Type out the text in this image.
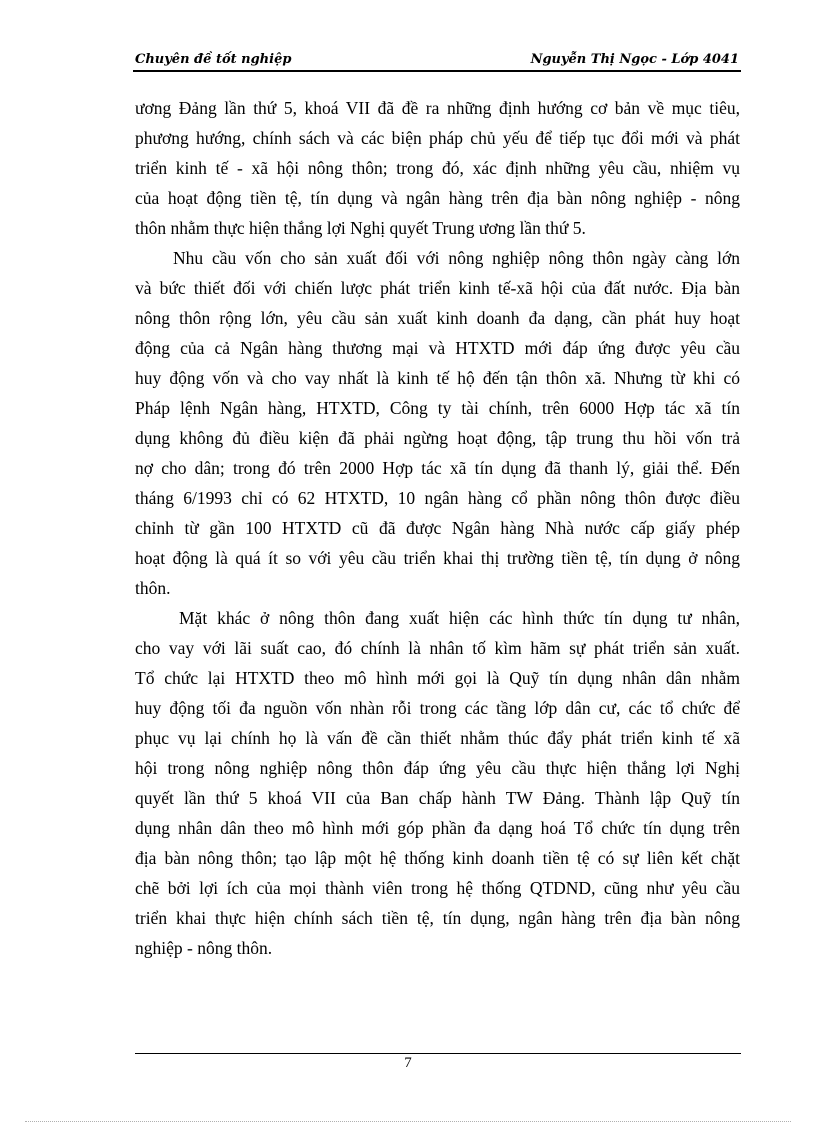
Chuyên đề tốt nghiệp	Nguyễn Thị Ngọc - Lớp 4041
ương Đảng lần thứ 5, khoá VII đã đề ra những định hướng cơ bản về mục tiêu,
phương hướng, chính sách và các biện pháp chủ yếu để tiếp tục đổi mới và phát
triển kinh tế - xã hội nông thôn; trong đó, xác định những yêu cầu, nhiệm vụ
của hoạt động tiền tệ, tín dụng và ngân hàng trên địa bàn nông nghiệp - nông
thôn nhằm thực hiện thắng lợi Nghị quyết Trung ương lần thứ 5.
Nhu cầu vốn cho sản xuất đối với nông nghiệp nông thôn ngày càng lớn
và bức thiết đối với chiến lược phát triển kinh tế-xã hội của đất nước. Địa bàn
nông thôn rộng lớn, yêu cầu sản xuất kinh doanh đa dạng, cần phát huy hoạt
động của cả Ngân hàng thương mại và HTXTD mới đáp ứng được yêu cầu
huy động vốn và cho vay nhất là kinh tế hộ đến tận thôn xã. Nhưng từ khi có
Pháp lệnh Ngân hàng, HTXTD, Công ty tài chính, trên 6000 Hợp tác xã tín
dụng không đủ điều kiện đã phải ngừng hoạt động, tập trung thu hồi vốn trả
nợ cho dân; trong đó trên 2000 Hợp tác xã tín dụng đã thanh lý, giải thể. Đến
tháng 6/1993 chỉ có 62 HTXTD, 10 ngân hàng cổ phần nông thôn được điều
chỉnh từ gần 100 HTXTD cũ đã được Ngân hàng Nhà nước cấp giấy phép
hoạt động là quá ít so với yêu cầu triển khai thị trường tiền tệ, tín dụng ở nông
thôn.
Mặt khác ở nông thôn đang xuất hiện các hình thức tín dụng tư nhân,
cho vay với lãi suất cao, đó chính là nhân tố kìm hãm sự phát triển sản xuất.
Tổ chức lại HTXTD theo mô hình mới gọi là Quỹ tín dụng nhân dân nhằm
huy động tối đa nguồn vốn nhàn rỗi trong các tầng lớp dân cư, các tổ chức để
phục vụ lại chính họ là vấn đề cần thiết nhằm thúc đẩy phát triển kinh tế xã
hội trong nông nghiệp nông thôn đáp ứng yêu cầu thực hiện thắng lợi Nghị
quyết lần thứ 5 khoá VII của Ban chấp hành TW Đảng. Thành lập Quỹ tín
dụng nhân dân theo mô hình mới góp phần đa dạng hoá Tổ chức tín dụng trên
địa bàn nông thôn; tạo lập một hệ thống kinh doanh tiền tệ có sự liên kết chặt
chẽ bởi lợi ích của mọi thành viên trong hệ thống QTDND, cũng như yêu cầu
triển khai thực hiện chính sách tiền tệ, tín dụng, ngân hàng trên địa bàn nông
nghiệp - nông thôn.
7
